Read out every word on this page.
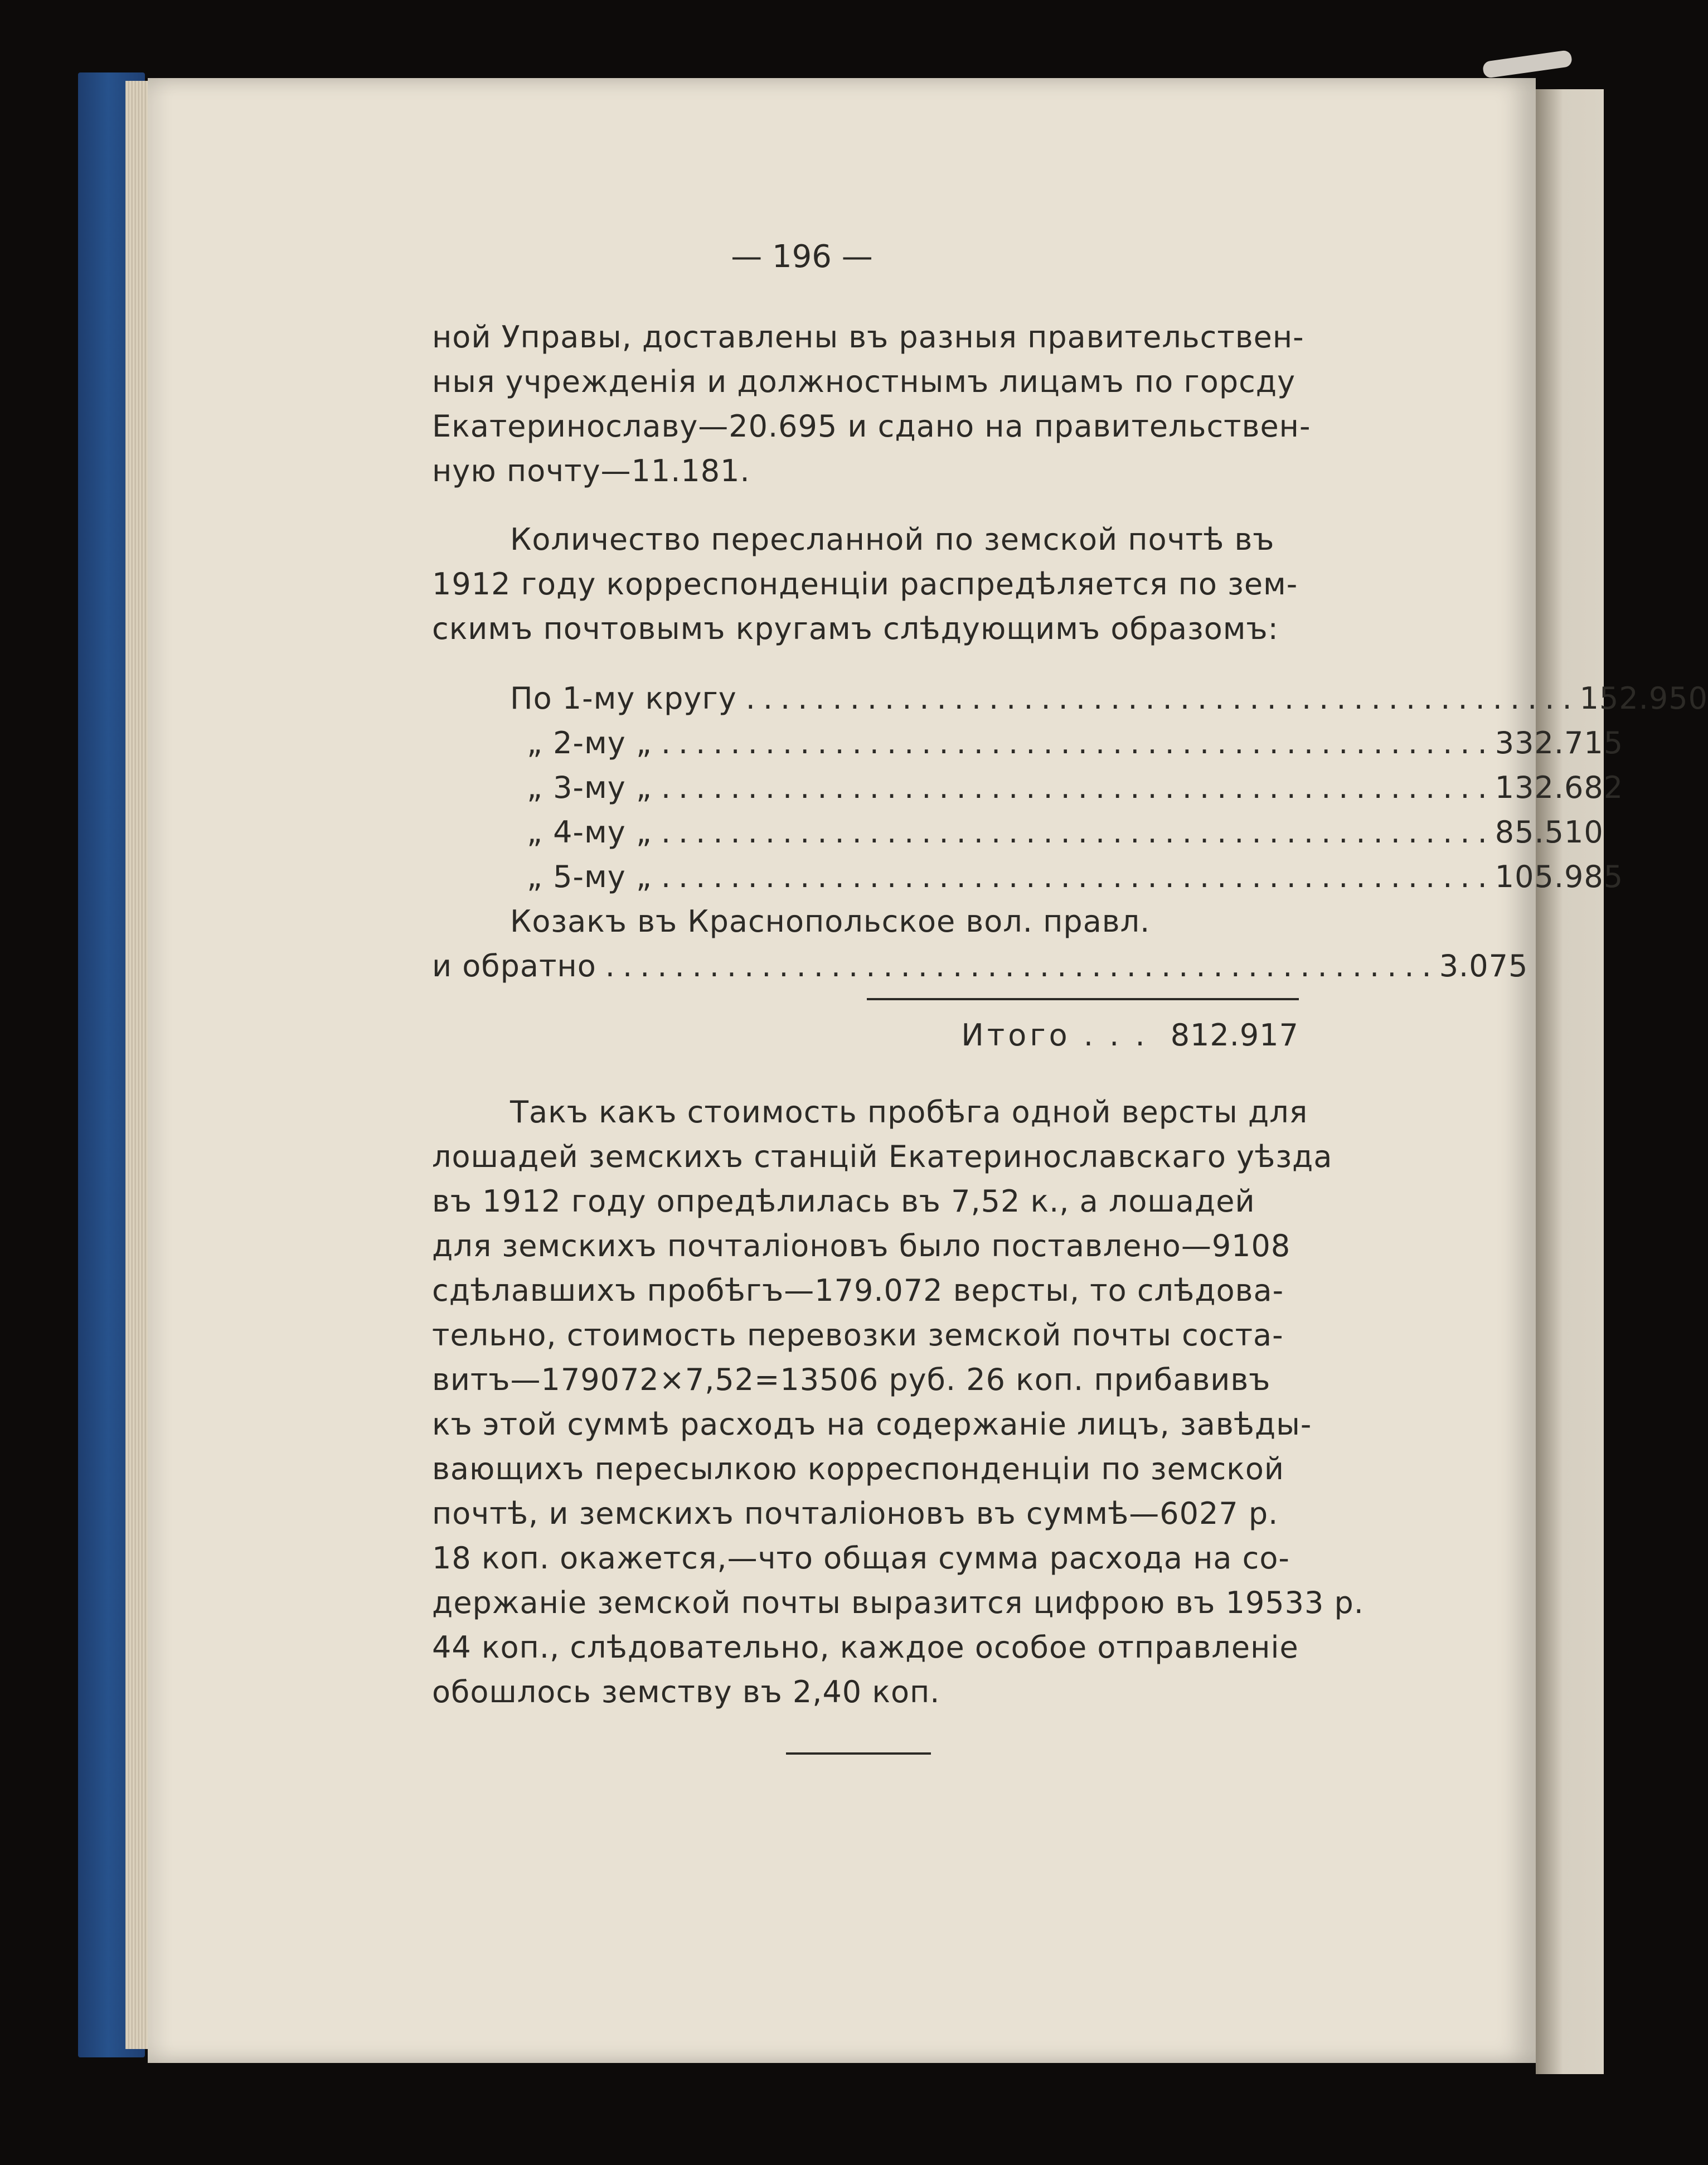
— 196 —
ной Управы, доставлены въ разныя правительствен-
ныя учрежденія и должностнымъ лицамъ по горсду
Екатеринославу—20.695 и сдано на правительствен-
ную почту—11.181.
Количество пересланной по земской почтѣ въ
1912 году корреспонденціи распредѣляется по зем-
скимъ почтовымъ кругамъ слѣдующимъ образомъ:
По 1-му кругу ................................................ 152.950
„ 2-му „ ................................................ 332.715
„ 3-му „ ................................................ 132.682
„ 4-му „ ................................................ 85.510
„ 5-му „ ................................................ 105.985
Козакъ въ Краснопольское вол. правл.
и обратно ................................................ 3.075
Итого . . . 812.917
Такъ какъ стоимость пробѣга одной версты для
лошадей земскихъ станцій Екатеринославскаго уѣзда
въ 1912 году опредѣлилась въ 7,52 к., а лошадей
для земскихъ почталіоновъ было поставлено—9108
сдѣлавшихъ пробѣгъ—179.072 версты, то слѣдова-
тельно, стоимость перевозки земской почты соста-
витъ—179072×7,52=13506 руб. 26 коп. прибавивъ
къ этой суммѣ расходъ на содержаніе лицъ, завѣды-
вающихъ пересылкою корреспонденціи по земской
почтѣ, и земскихъ почталіоновъ въ суммѣ—6027 р.
18 коп. окажется,—что общая сумма расхода на со-
держаніе земской почты выразится цифрою въ 19533 р.
44 коп., слѣдовательно, каждое особое отправленіе
обошлось земству въ 2,40 коп.
